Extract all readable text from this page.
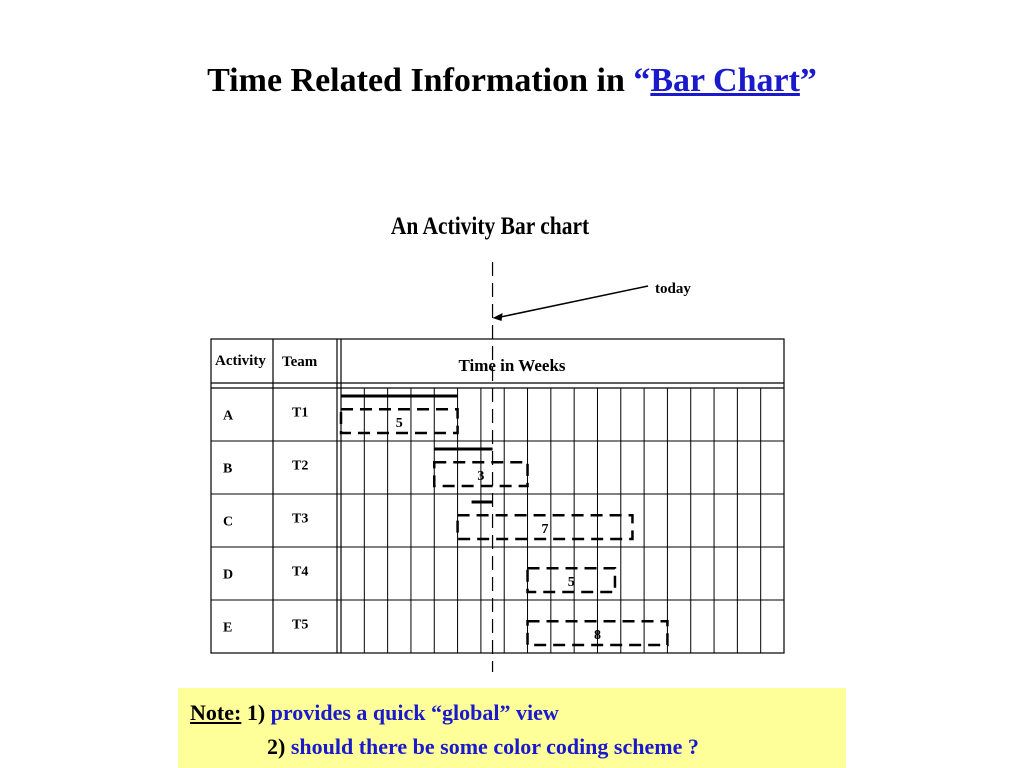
Time Related Information in “Bar Chart”
An Activity Bar chart
Activity Team	Time in Weeks
today
A	T1
B	T2
C	T3
D	T4
E	T5
5
3
7
5
8
Note: 1) provides a quick “global” view
2) should there be some color coding scheme ?
